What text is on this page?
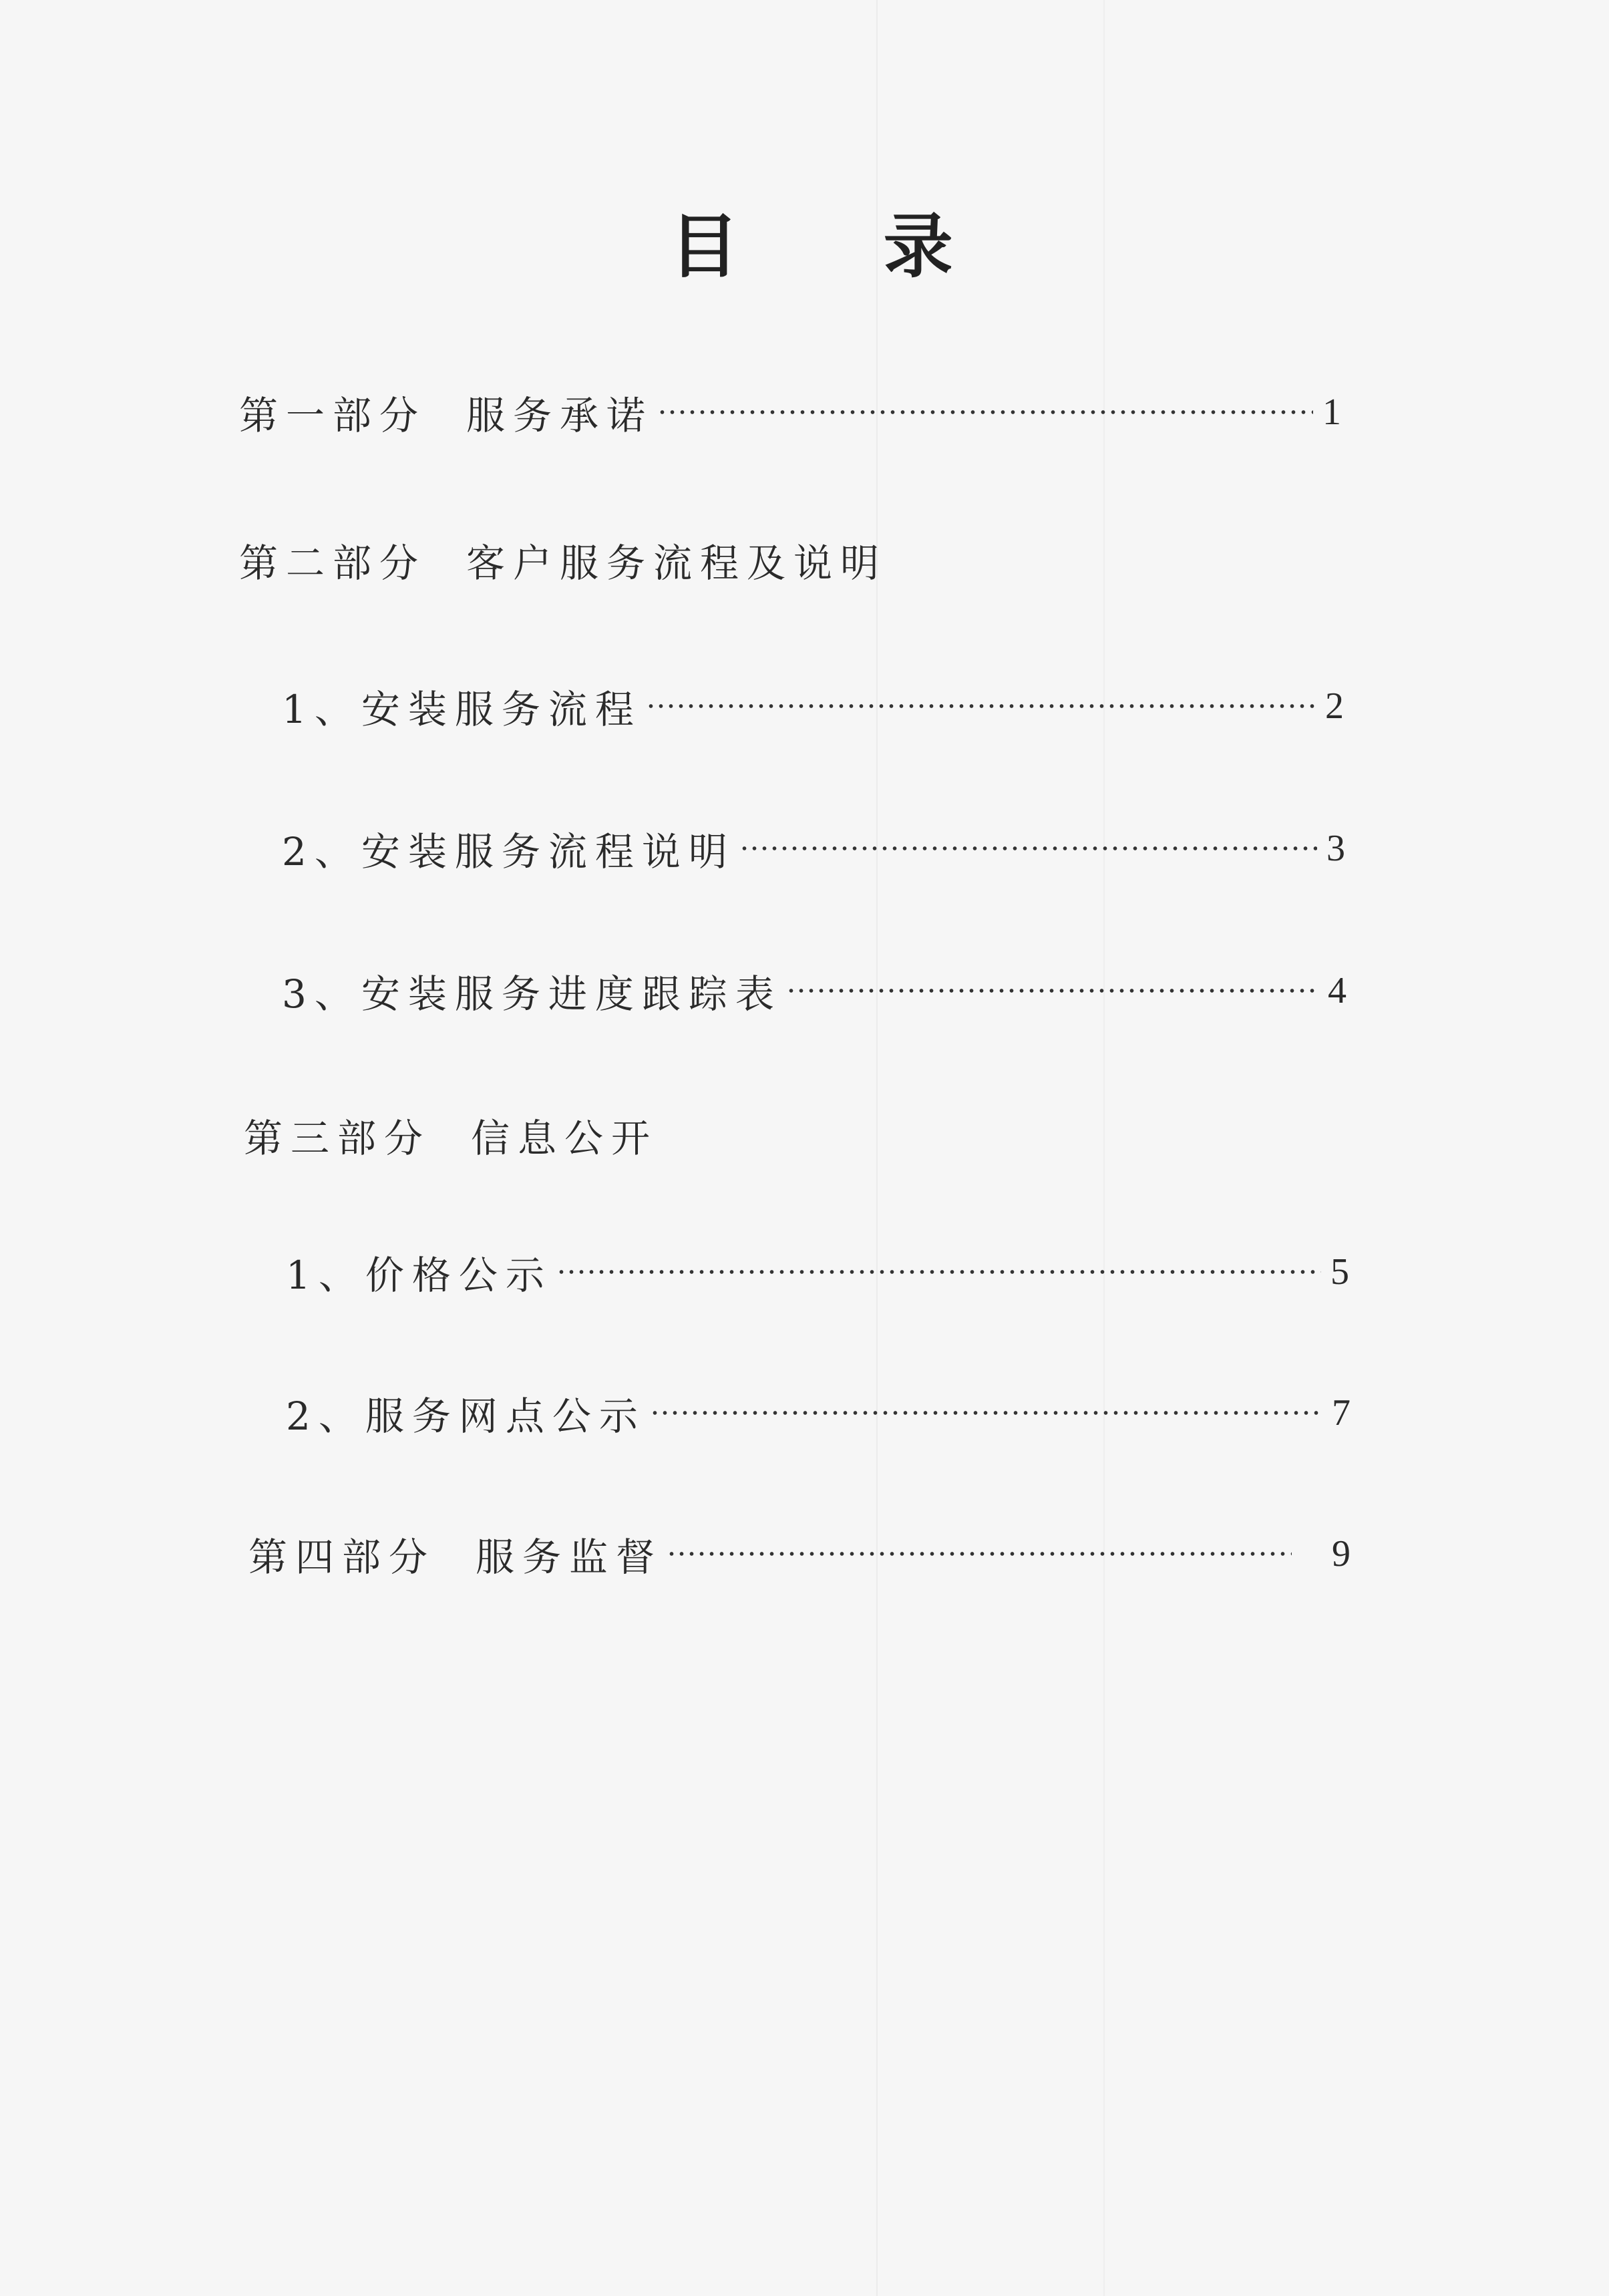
目 录
第一部分 服务承诺	1
第二部分 客户服务流程及说明
1、安装服务流程	2
2、安装服务流程说明	3
3、安装服务进度跟踪表	4
第三部分 信息公开
1、价格公示	5
2、服务网点公示	7
第四部分 服务监督	9
